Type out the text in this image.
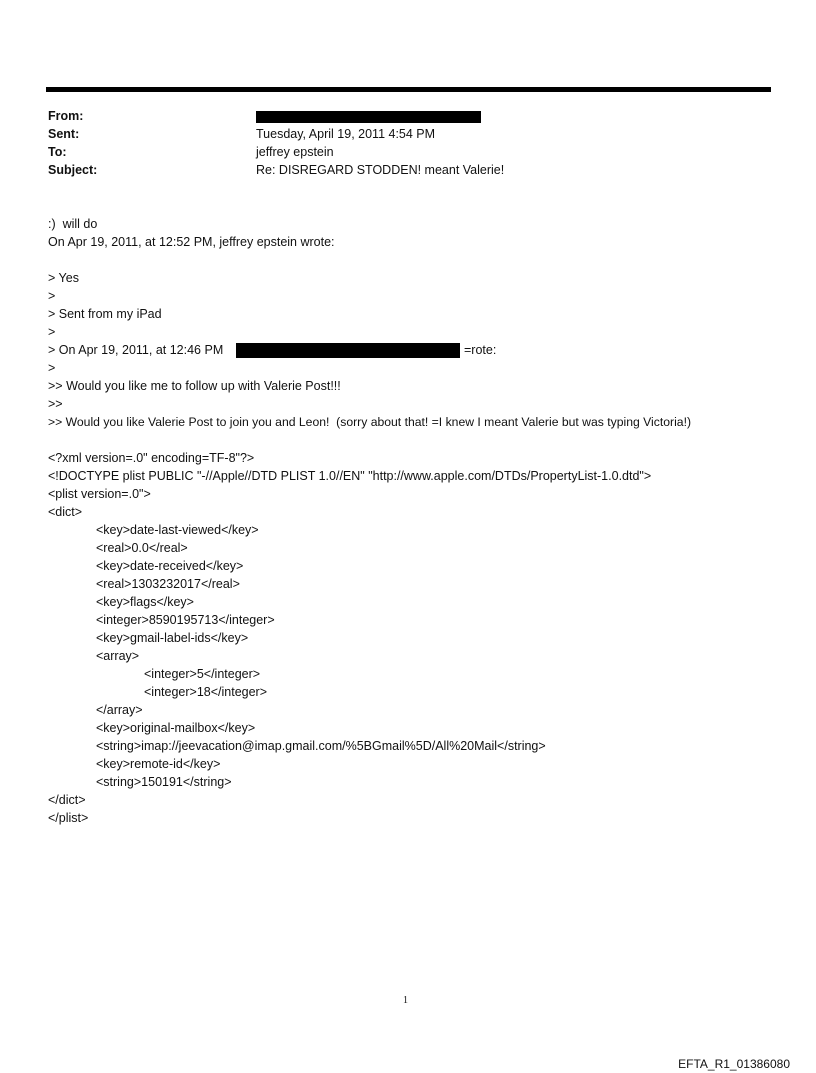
From:
Sent:	Tuesday, April 19, 2011 4:54 PM
To:	jeffrey epstein
Subject:	Re: DISREGARD STODDEN! meant Valerie!
:)  will do
On Apr 19, 2011, at 12:52 PM, jeffrey epstein wrote:
> Yes
>
> Sent from my iPad
>
> On Apr 19, 2011, at 12:46 PM	=rote:
>
>> Would you like me to follow up with Valerie Post!!!
>>
>> Would you like Valerie Post to join you and Leon!  (sorry about that! =I knew I meant Valerie but was typing Victoria!)
<?xml version=.0" encoding=TF-8"?>
<!DOCTYPE plist PUBLIC "-//Apple//DTD PLIST 1.0//EN" "http://www.apple.com/DTDs/PropertyList-1.0.dtd">
<plist version=.0">
<dict>
<key>date-last-viewed</key>
<real>0.0</real>
<key>date-received</key>
<real>1303232017</real>
<key>flags</key>
<integer>8590195713</integer>
<key>gmail-label-ids</key>
<array>
<integer>5</integer>
<integer>18</integer>
</array>
<key>original-mailbox</key>
<string>imap://jeevacation@imap.gmail.com/%5BGmail%5D/All%20Mail</string>
<key>remote-id</key>
<string>150191</string>
</dict>
</plist>
1
EFTA_R1_01386080
